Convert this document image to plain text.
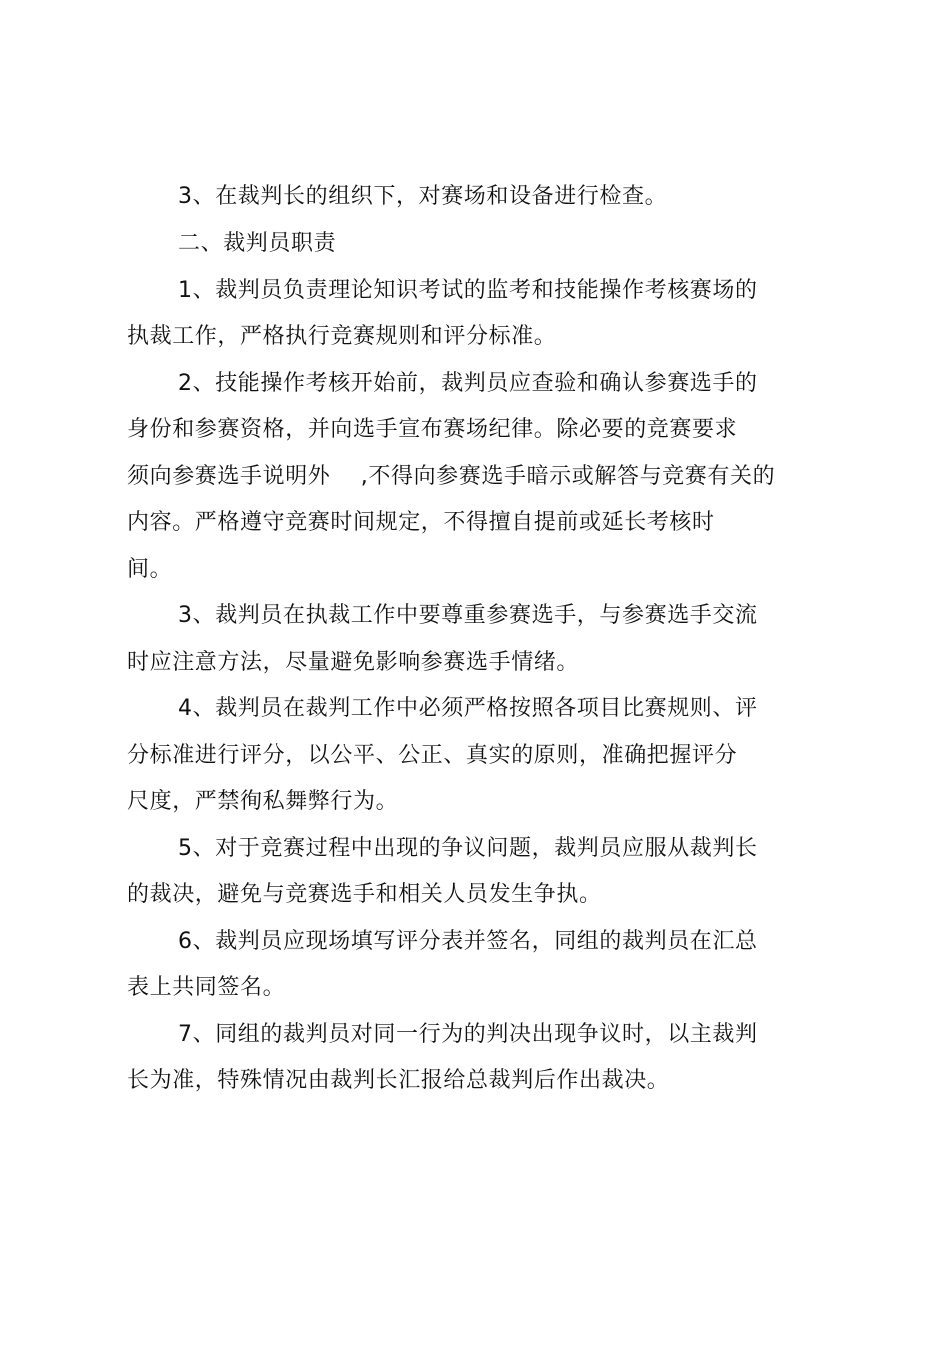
3、在裁判长的组织下，对赛场和设备进行检查。
二、裁判员职责
1、裁判员负责理论知识考试的监考和技能操作考核赛场的
执裁工作，严格执行竞赛规则和评分标准。
2、技能操作考核开始前，裁判员应查验和确认参赛选手的
身份和参赛资格，并向选手宣布赛场纪律。除必要的竞赛要求
须向参赛选手说明外    ,不得向参赛选手暗示或解答与竞赛有关的
内容。严格遵守竞赛时间规定，不得擅自提前或延长考核时
间。
3、裁判员在执裁工作中要尊重参赛选手，与参赛选手交流
时应注意方法，尽量避免影响参赛选手情绪。
4、裁判员在裁判工作中必须严格按照各项目比赛规则、评
分标准进行评分，以公平、公正、真实的原则，准确把握评分
尺度，严禁徇私舞弊行为。
5、对于竞赛过程中出现的争议问题，裁判员应服从裁判长
的裁决，避免与竞赛选手和相关人员发生争执。
6、裁判员应现场填写评分表并签名，同组的裁判员在汇总
表上共同签名。
7、同组的裁判员对同一行为的判决出现争议时，以主裁判
长为准，特殊情况由裁判长汇报给总裁判后作出裁决。
